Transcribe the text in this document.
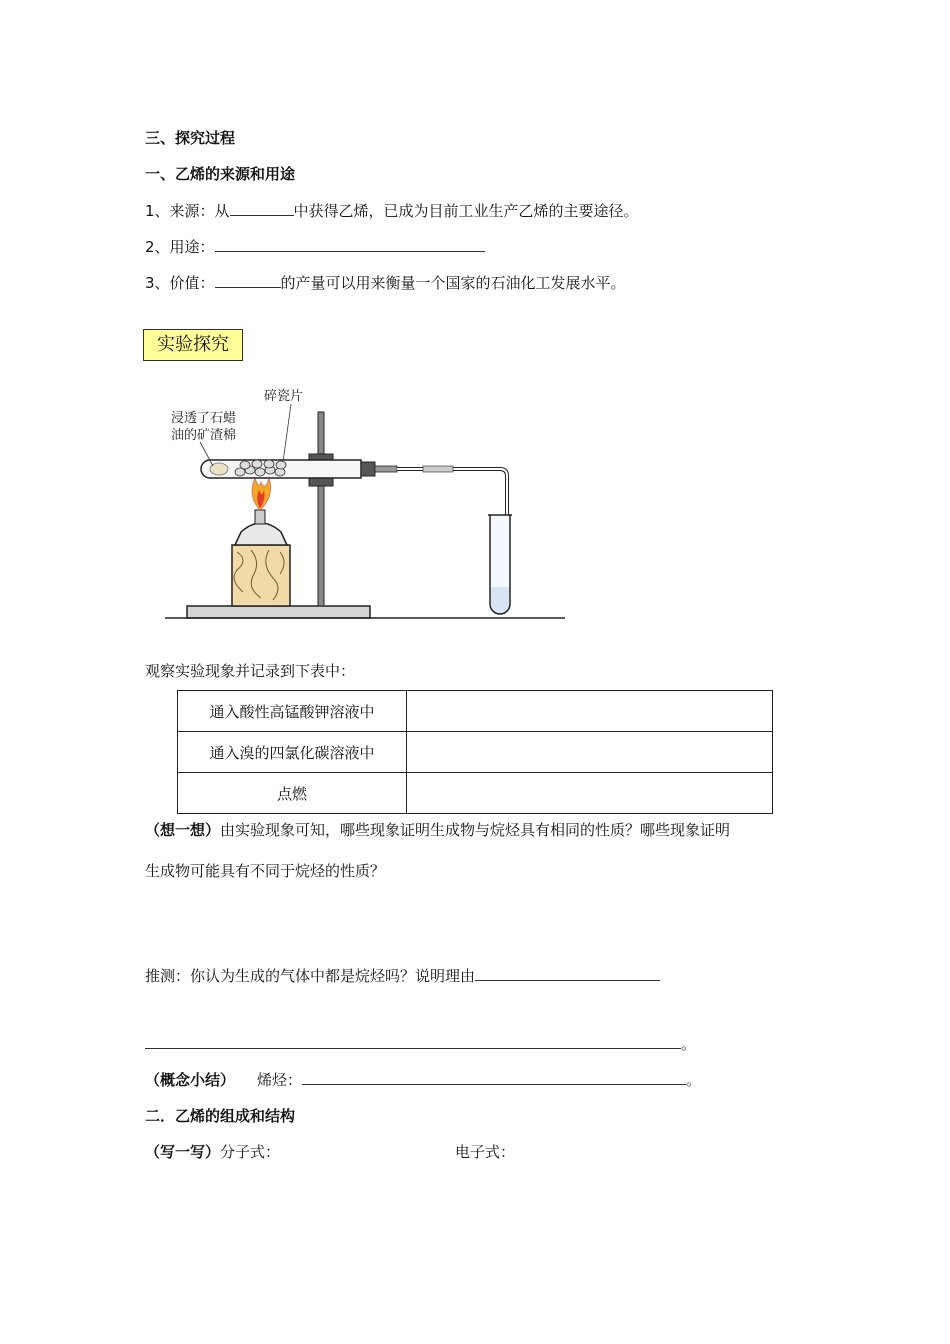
三、探究过程
一、乙烯的来源和用途
1、来源：从	中获得乙烯，已成为目前工业生产乙烯的主要途径。
2、用途：
3、价值：	的产量可以用来衡量一个国家的石油化工发展水平。
实验探究
碎瓷片
浸透了石蜡
油的矿渣棉
观察实验现象并记录到下表中：
通入酸性高锰酸钾溶液中	
通入溴的四氯化碳溶液中	
点燃	
（想一想）由实验现象可知，哪些现象证明生成物与烷烃具有相同的性质？哪些现象证明
生成物可能具有不同于烷烃的性质？
推测：你认为生成的气体中都是烷烃吗？说明理由
。
（概念小结） 烯烃：	。
二．乙烯的组成和结构
（写一写）分子式：	电子式：
